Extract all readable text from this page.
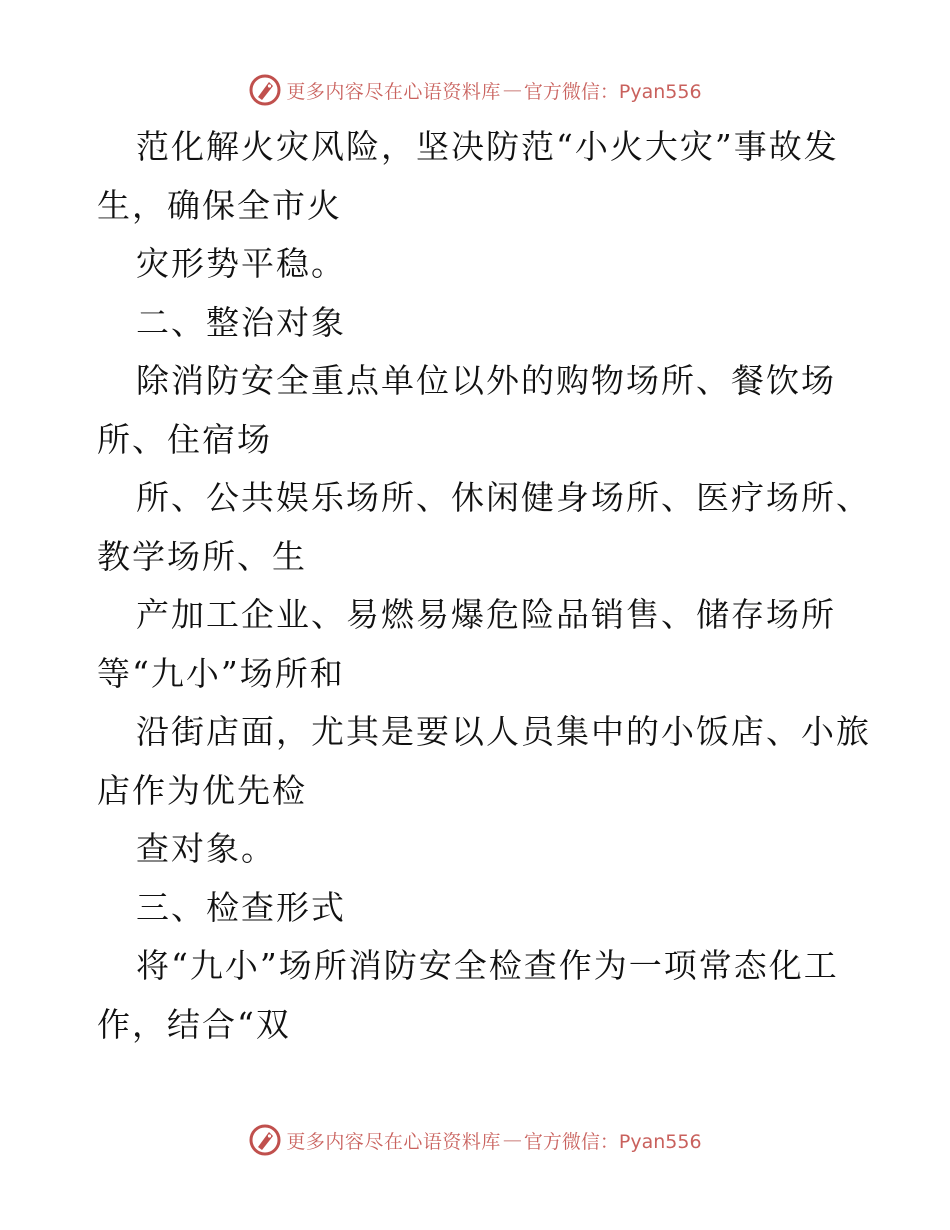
更多内容尽在心语资料库 — 官方微信：Pyan556
范化解火灾风险，坚决防范“小火大灾”事故发
生，确保全市火
灾形势平稳。
二、整治对象
除消防安全重点单位以外的购物场所、餐饮场
所、住宿场
所、公共娱乐场所、休闲健身场所、医疗场所、
教学场所、生
产加工企业、易燃易爆危险品销售、储存场所
等“九小”场所和
沿街店面，尤其是要以人员集中的小饭店、小旅
店作为优先检
查对象。
三、检查形式
将“九小”场所消防安全检查作为一项常态化工
作，结合“双
更多内容尽在心语资料库 — 官方微信：Pyan556
